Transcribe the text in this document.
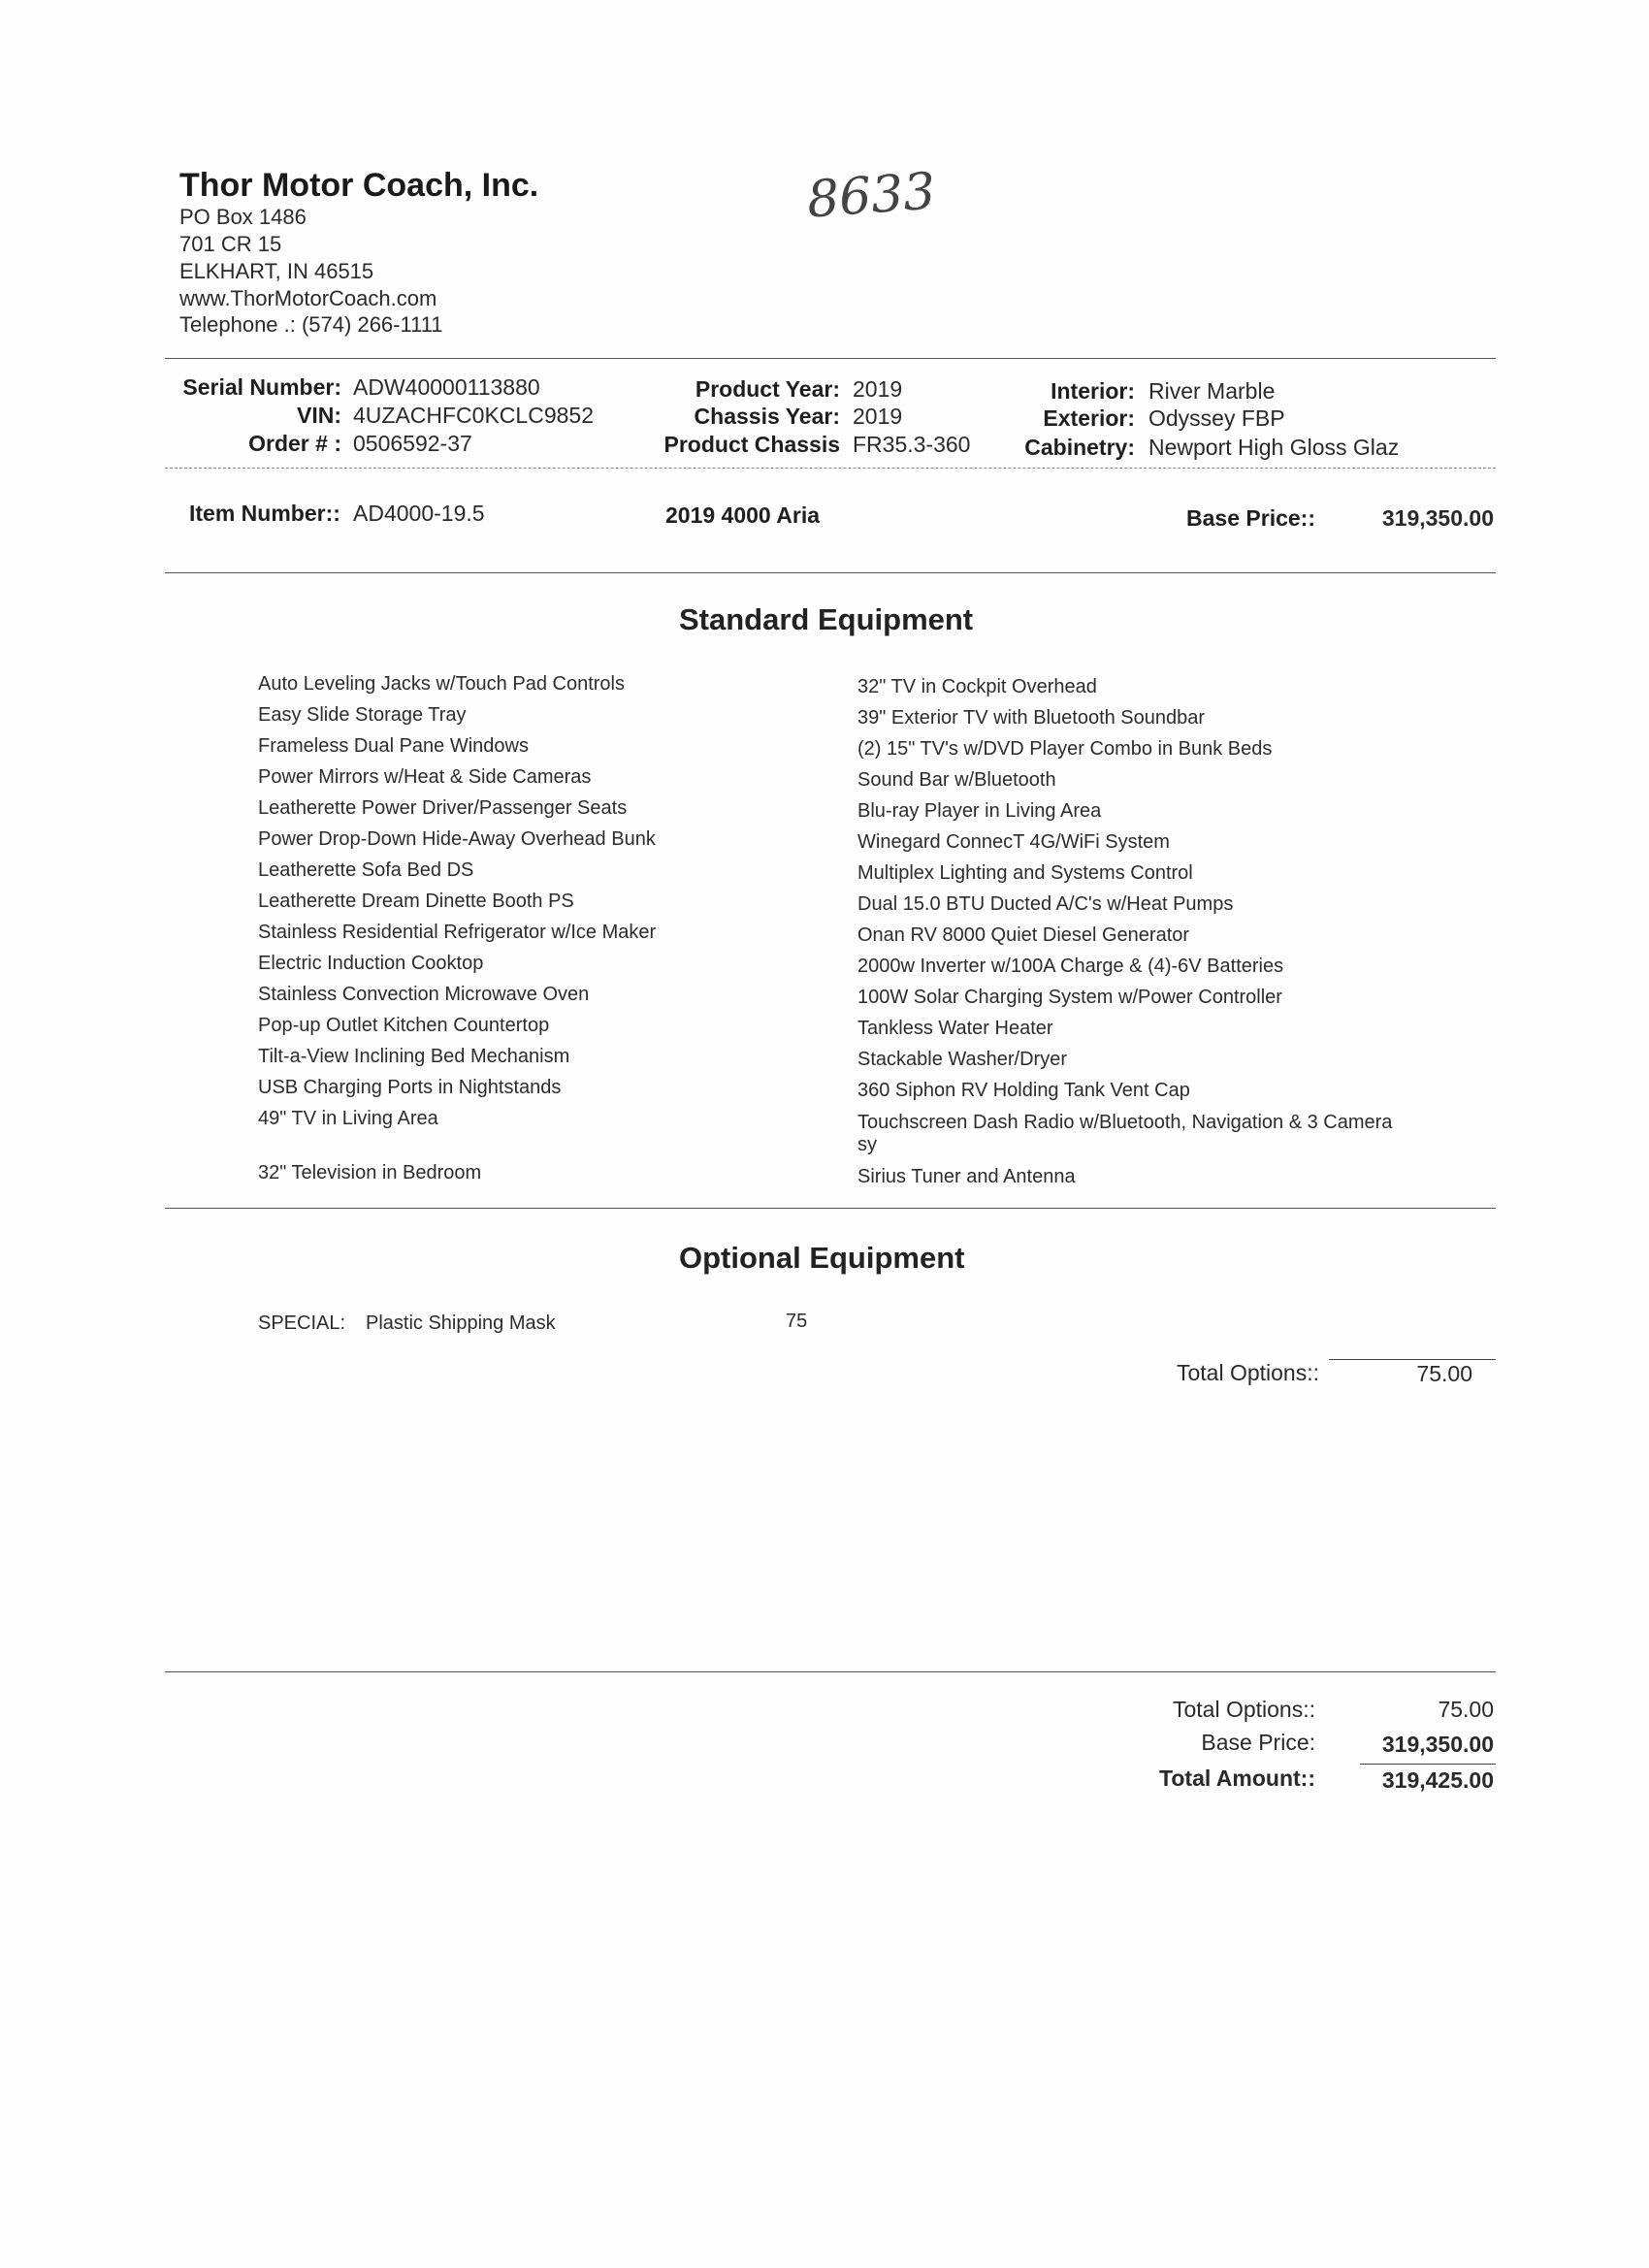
Thor Motor Coach, Inc.
PO Box 1486
701 CR 15
ELKHART, IN 46515
www.ThorMotorCoach.com
Telephone .: (574) 266-1111
8633
Serial Number: ADW40000113880
VIN: 4UZACHFC0KCLC9852
Order # : 0506592-37
Product Year: 2019
Chassis Year: 2019
Product Chassis FR35.3-360
Interior: River Marble
Exterior: Odyssey FBP
Cabinetry: Newport High Gloss Glaz
Item Number:: AD4000-19.5	2019 4000 Aria	Base Price::	319,350.00
Standard Equipment
Auto Leveling Jacks w/Touch Pad Controls
Easy Slide Storage Tray
Frameless Dual Pane Windows
Power Mirrors w/Heat & Side Cameras
Leatherette Power Driver/Passenger Seats
Power Drop-Down Hide-Away Overhead Bunk
Leatherette Sofa Bed DS
Leatherette Dream Dinette Booth PS
Stainless Residential Refrigerator w/Ice Maker
Electric Induction Cooktop
Stainless Convection Microwave Oven
Pop-up Outlet Kitchen Countertop
Tilt-a-View Inclining Bed Mechanism
USB Charging Ports in Nightstands
49" TV in Living Area
32" Television in Bedroom
32" TV in Cockpit Overhead
39" Exterior TV with Bluetooth Soundbar
(2) 15" TV's w/DVD Player Combo in Bunk Beds
Sound Bar w/Bluetooth
Blu-ray Player in Living Area
Winegard ConnecT 4G/WiFi System
Multiplex Lighting and Systems Control
Dual 15.0 BTU Ducted A/C's w/Heat Pumps
Onan RV 8000 Quiet Diesel Generator
2000w Inverter w/100A Charge & (4)-6V Batteries
100W Solar Charging System w/Power Controller
Tankless Water Heater
Stackable Washer/Dryer
360 Siphon RV Holding Tank Vent Cap
Touchscreen Dash Radio w/Bluetooth, Navigation & 3 Camera sy
Sirius Tuner and Antenna
Optional Equipment
SPECIAL: Plastic Shipping Mask	75
Total Options::	75.00
Total Options::	75.00
Base Price:	319,350.00
Total Amount::	319,425.00
